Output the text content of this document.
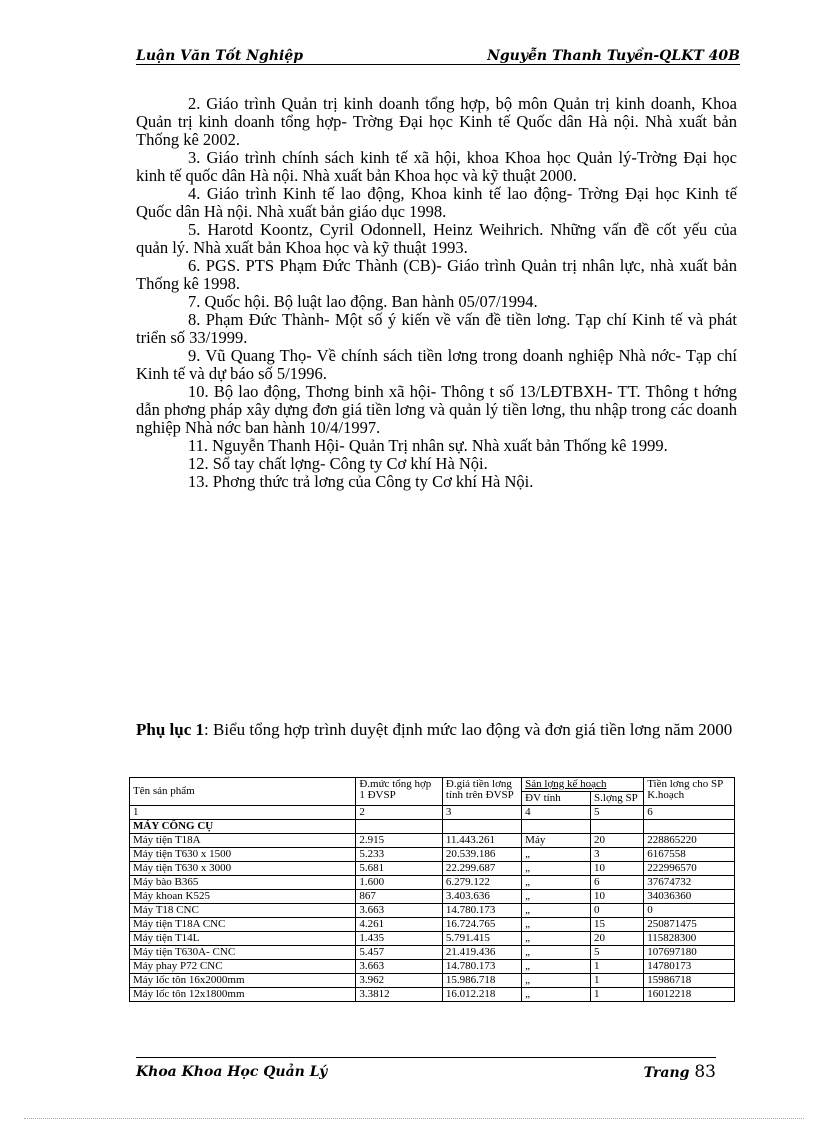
Luận Văn Tốt Nghiệp	Nguyễn Thanh Tuyền-QLKT 40B

2. Giáo trình Quản trị kinh doanh tổng hợp, bộ môn Quản trị kinh doanh, Khoa Quản trị kinh doanh tổng hợp- Trờng Đại học Kinh tế Quốc dân Hà nội. Nhà xuất bản Thống kê 2002.

3. Giáo trình chính sách kinh tế xã hội, khoa Khoa học Quản lý-Trờng Đại học kinh tế quốc dân Hà nội. Nhà xuất bản Khoa học và kỹ thuật 2000.

4. Giáo trình Kinh tế lao động, Khoa kinh tế lao động- Trờng Đại học Kinh tế Quốc dân Hà nội. Nhà xuất bản giáo dục 1998.

5. Harotd Koontz, Cyril Odonnell, Heinz Weihrich. Những vấn đề cốt yếu của quản lý. Nhà xuất bản Khoa học và kỹ thuật 1993.

6. PGS. PTS Phạm Đức Thành (CB)- Giáo trình Quản trị nhân lực, nhà xuất bản Thống kê 1998.

7. Quốc hội. Bộ luật lao động. Ban hành 05/07/1994.

8. Phạm Đức Thành- Một số ý kiến về vấn đề tiền lơng. Tạp chí Kinh tế và phát triển số 33/1999.

9. Vũ Quang Thọ- Về chính sách tiền lơng trong doanh nghiệp Nhà nớc- Tạp chí Kinh tế và dự báo số 5/1996.

10. Bộ lao động, Thơng binh xã hội- Thông t số 13/LĐTBXH- TT. Thông t hớng dẫn phơng pháp xây dựng đơn giá tiền lơng và quản lý tiền lơng, thu nhập trong các doanh nghiệp Nhà nớc ban hành 10/4/1997.

11. Nguyễn Thanh Hội- Quản Trị nhân sự. Nhà xuất bản Thống kê 1999.

12. Sổ tay chất lợng- Công ty Cơ khí Hà Nội.

13. Phơng thức trả lơng của Công ty Cơ khí Hà Nội.

Phụ lục 1: Biểu tổng hợp trình duyệt định mức lao động và đơn giá tiền lơng năm 2000
Tên sản phẩm	Đ.mức tổng hợp 1 ĐVSP	Đ.giá tiền lơng tính trên ĐVSP	Sản lợng kế hoạch		Tiền lơng cho SP K.hoạch
			ĐV tính	S.lợng SP	
1	2	3	4	5	6
MÁY CÔNG CỤ					
Máy tiện T18A	2.915	11.443.261	Máy	20	228865220
Máy tiện T630 x 1500	5.233	20.539.186	„	3	6167558
Máy tiện T630 x 3000	5.681	22.299.687	„	10	222996570
Máy bào B365	1.600	6.279.122	„	6	37674732
Máy khoan K525	867	3.403.636	„	10	34036360
Máy T18 CNC	3.663	14.780.173	„	0	0
Máy tiện T18A CNC	4.261	16.724.765	„	15	250871475
Máy tiện T14L	1.435	5.791.415	„	20	115828300
Máy tiện T630A- CNC	5.457	21.419.436	„	5	107697180
Máy phay P72 CNC	3.663	14.780.173	„	1	14780173
Máy lốc tôn 16x2000mm	3.962	15.986.718	„	1	15986718
Máy lốc tôn 12x1800mm	3.3812	16.012.218	„	1	16012218
Khoa Khoa Học Quản Lý	Trang 83
